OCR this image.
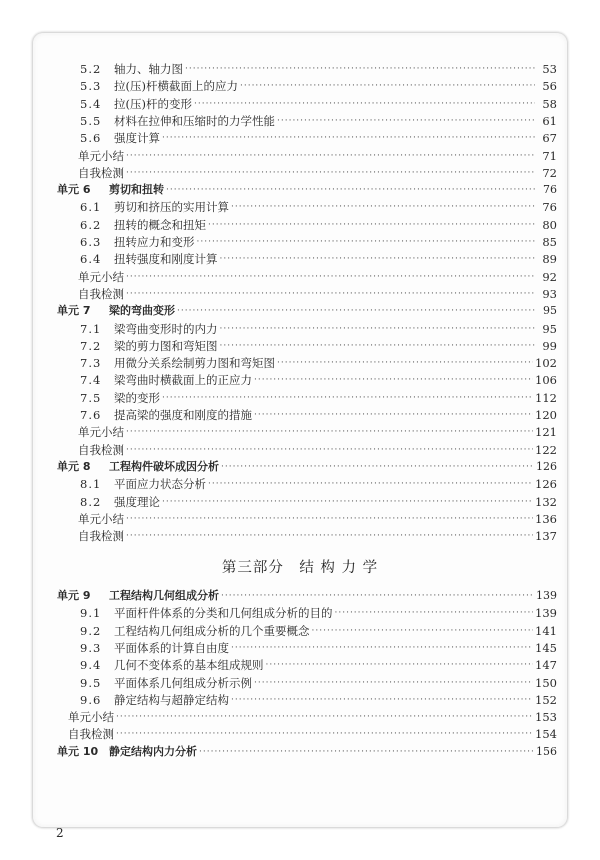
5.2	轴力、轴力图 ·····	53
5.3	拉(压)杆横截面上的应力 ·····	56
5.4	拉(压)杆的变形 ·····	58
5.5	材料在拉伸和压缩时的力学性能 ·····	61
5.6	强度计算 ·····	67
单元小结 ·····	71
自我检测 ·····	72
单元 6	剪切和扭转 ·····	76
6.1	剪切和挤压的实用计算 ·····	76
6.2	扭转的概念和扭矩 ·····	80
6.3	扭转应力和变形 ·····	85
6.4	扭转强度和刚度计算 ·····	89
单元小结 ·····	92
自我检测 ·····	93
单元 7	梁的弯曲变形 ·····	95
7.1	梁弯曲变形时的内力 ·····	95
7.2	梁的剪力图和弯矩图 ·····	99
7.3	用微分关系绘制剪力图和弯矩图 ·····	102
7.4	梁弯曲时横截面上的正应力 ·····	106
7.5	梁的变形 ·····	112
7.6	提高梁的强度和刚度的措施 ·····	120
单元小结 ·····	121
自我检测 ·····	122
单元 8	工程构件破坏成因分析 ·····	126
8.1	平面应力状态分析 ·····	126
8.2	强度理论 ·····	132
单元小结 ·····	136
自我检测 ·····	137
单元 9	工程结构几何组成分析 ·····	139
9.1	平面杆件体系的分类和几何组成分析的目的 ·····	139
9.2	工程结构几何组成分析的几个重要概念 ·····	141
9.3	平面体系的计算自由度 ·····	145
9.4	几何不变体系的基本组成规则 ·····	147
9.5	平面体系几何组成分析示例 ·····	150
9.6	静定结构与超静定结构 ·····	152
单元小结 ·····	153
自我检测 ·····	154
单元 10 静定结构内力分析 ·····	156
第三部分　结 构 力 学
2
